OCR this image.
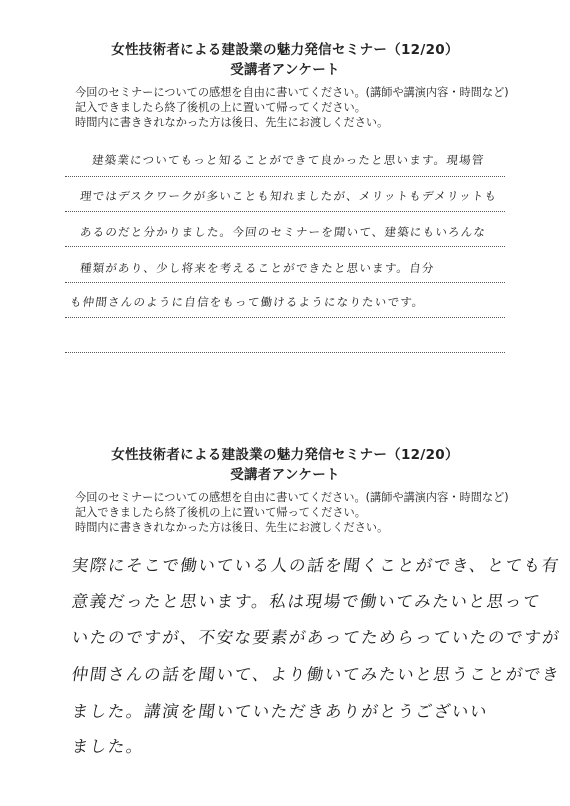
女性技術者による建設業の魅力発信セミナー（12/20）
受講者アンケート
今回のセミナーについての感想を自由に書いてください。(講師や講演内容・時間など)
記入できましたら終了後机の上に置いて帰ってください。
時間内に書ききれなかった方は後日、先生にお渡しください。
建築業についてもっと知ることができて良かったと思います。現場管
理ではデスクワークが多いことも知れましたが、メリットもデメリットも
あるのだと分かりました。今回のセミナーを聞いて、建築にもいろんな
種類があり、少し将来を考えることができたと思います。自分
も仲間さんのように自信をもって働けるようになりたいです。
女性技術者による建設業の魅力発信セミナー（12/20）
受講者アンケート
今回のセミナーについての感想を自由に書いてください。(講師や講演内容・時間など)
記入できましたら終了後机の上に置いて帰ってください。
時間内に書ききれなかった方は後日、先生にお渡しください。
実際にそこで働いている人の話を聞くことができ、とても有
意義だったと思います。私は現場で働いてみたいと思って
いたのですが、不安な要素があってためらっていたのですが
仲間さんの話を聞いて、より働いてみたいと思うことができ
ました。講演を聞いていただきありがとうございい
ました。
